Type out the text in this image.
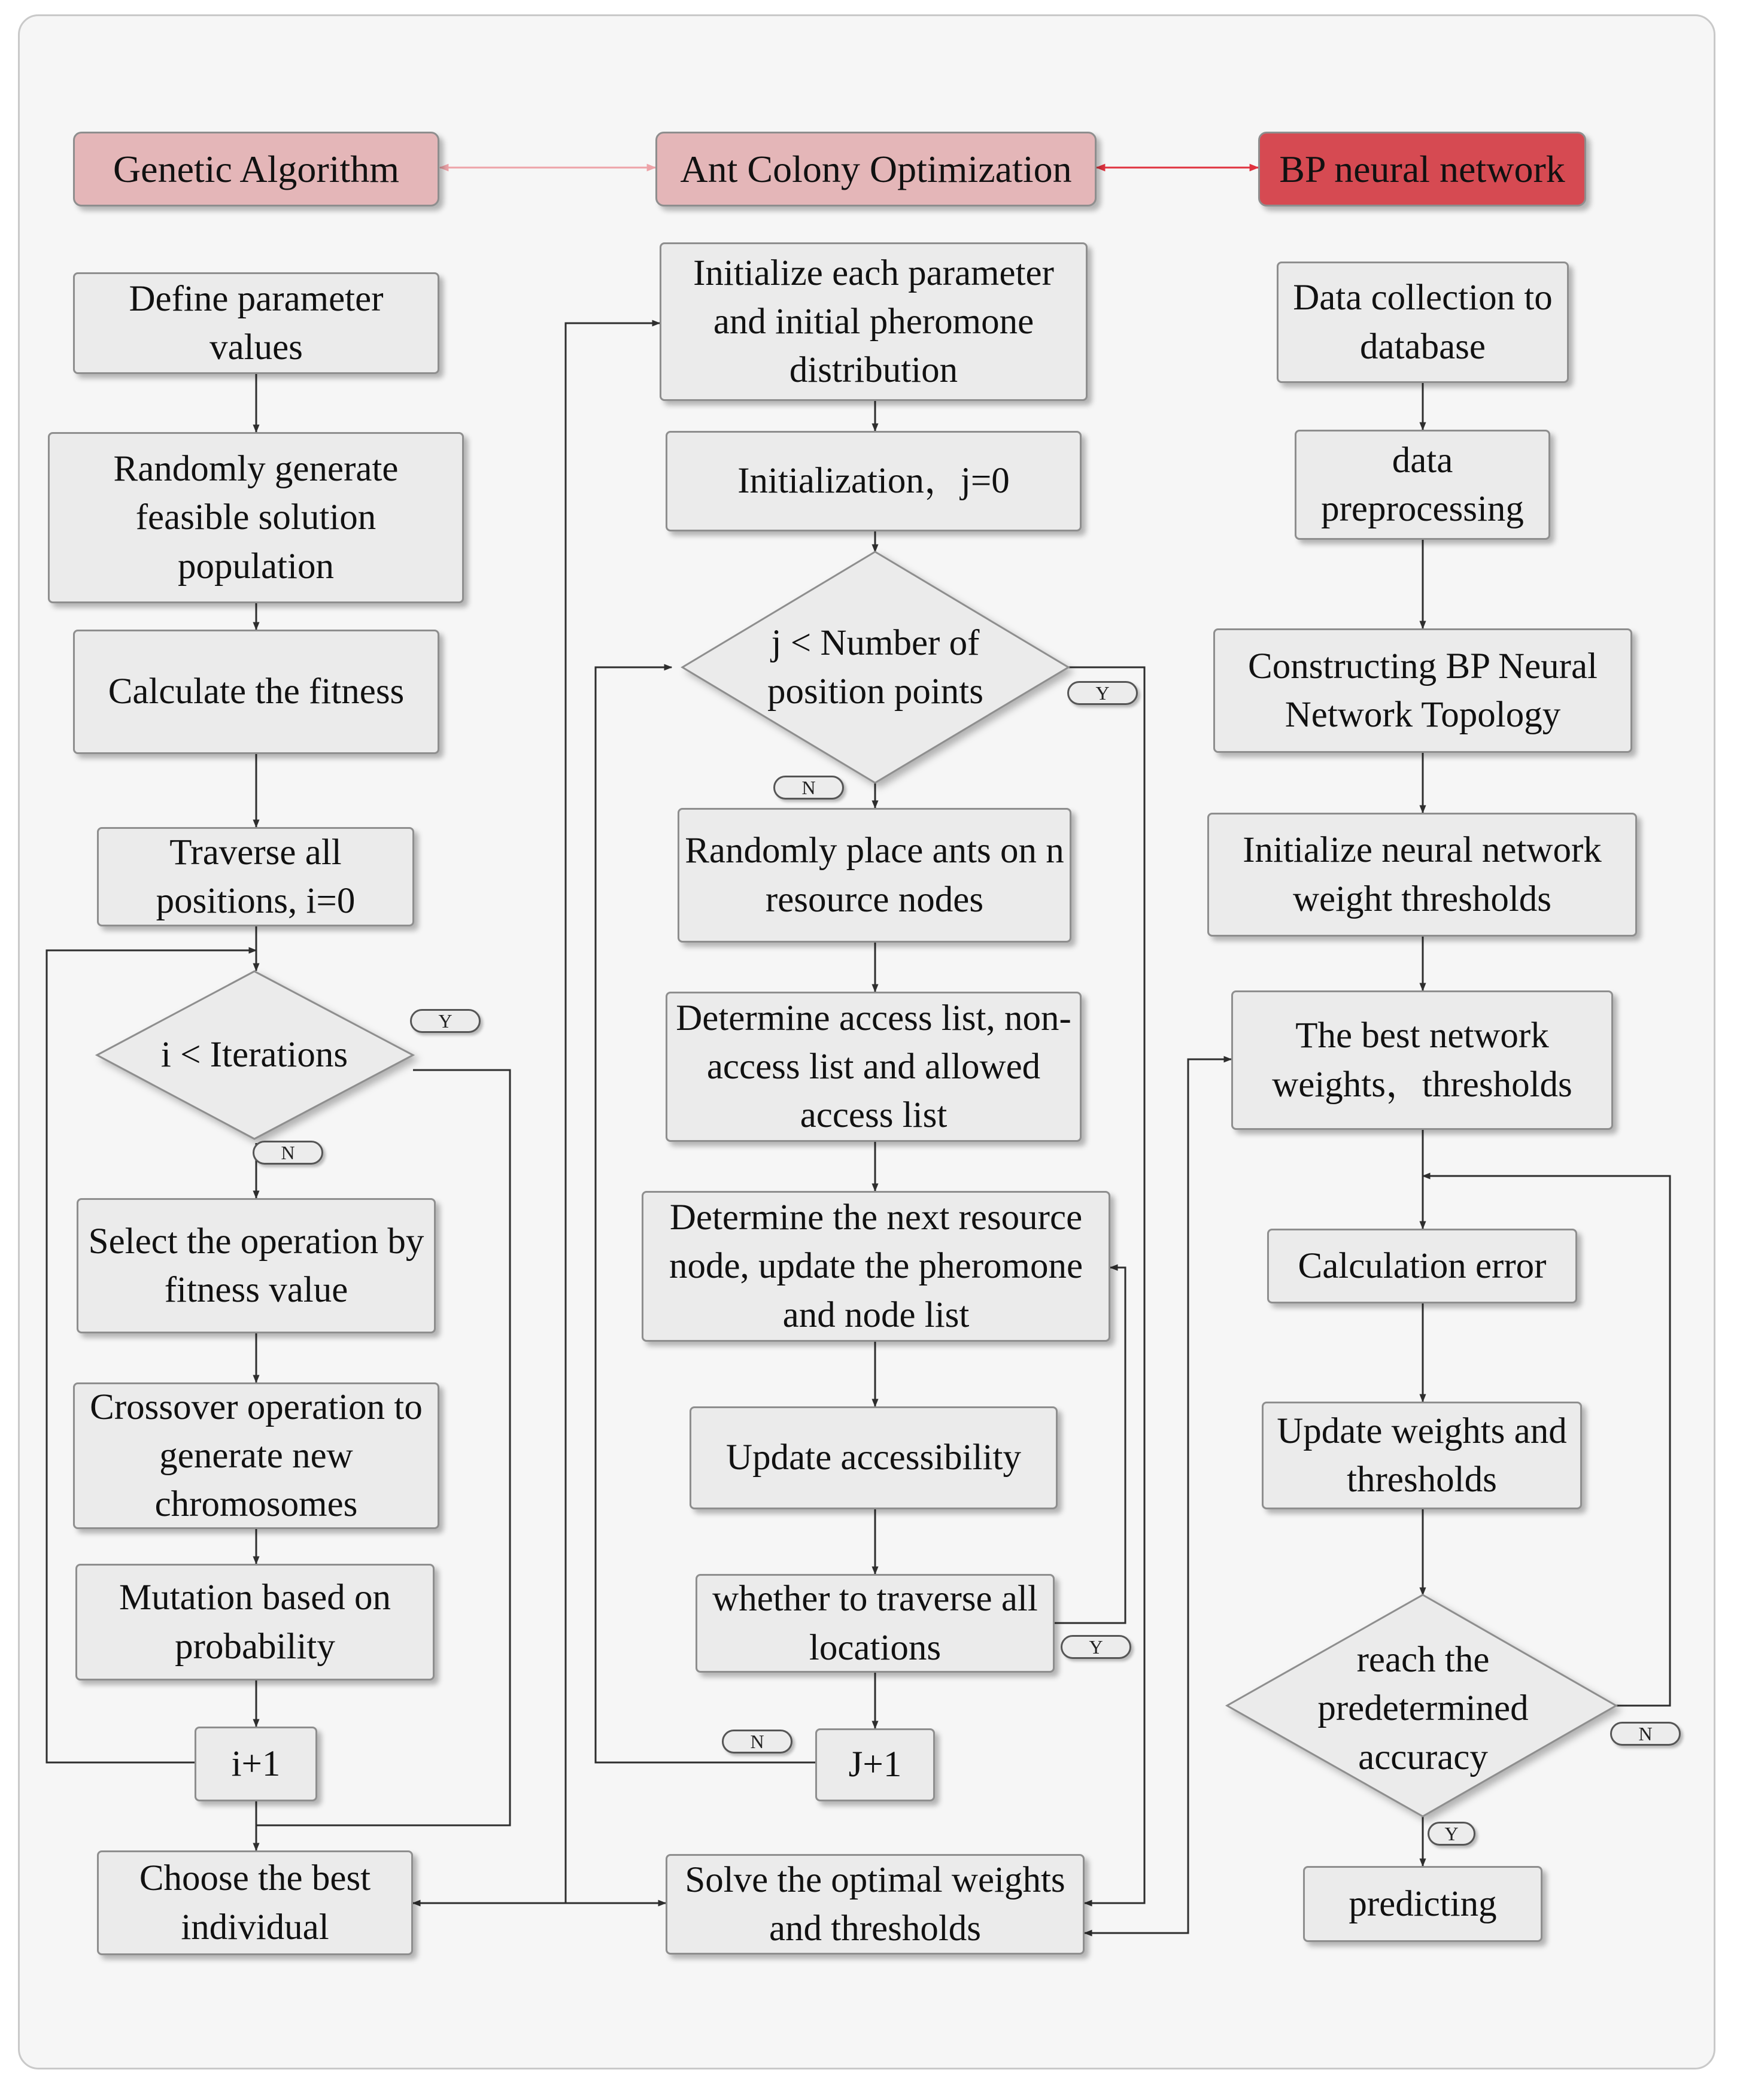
Genetic Algorithm	Ant Colony Optimization	BP neural network
Define parameter values
Randomly generate feasible solution population
Calculate the fitness
Traverse all positions, i=0
i < Iterations
Select the operation by fitness value
Crossover operation to generate new chromosomes
Mutation based on probability
i+1
Choose the best individual
Initialize each parameter and initial pheromone distribution
Initialization，j=0
j < Number of position points
Randomly place ants on n resource nodes
Determine access list, non-access list and allowed access list
Determine the next resource node, update the pheromone and node list
Update accessibility
whether to traverse all locations
J+1
Solve the optimal weights and thresholds
Data collection to database
data preprocessing
Constructing BP Neural Network Topology
Initialize neural network weight thresholds
The best network weights，thresholds
Calculation error
Update weights and thresholds
reach the predetermined accuracy
predicting
Y
N
Y
N
Y
N	N
Y
